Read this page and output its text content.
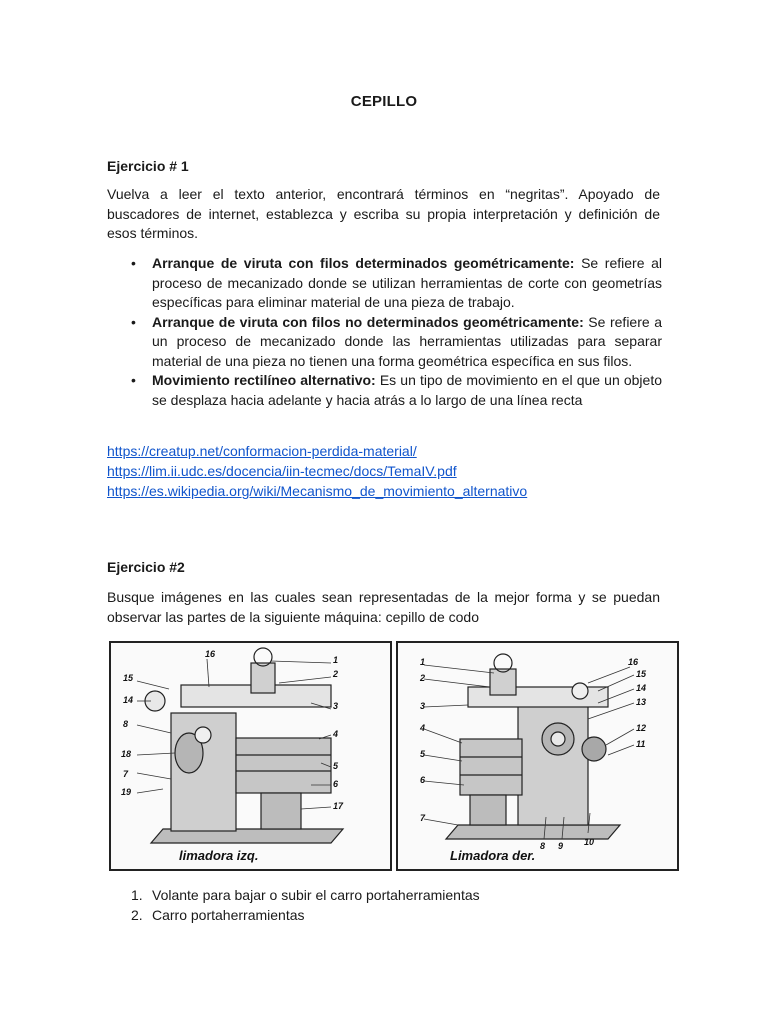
CEPILLO
Ejercicio # 1
Vuelva a leer el texto anterior, encontrará términos en “negritas”. Apoyado de buscadores de internet, establezca y escriba su propia interpretación y definición de esos términos.
• Arranque de viruta con filos determinados geométricamente: Se refiere al proceso de mecanizado donde se utilizan herramientas de corte con geometrías específicas para eliminar material de una pieza de trabajo.
• Arranque de viruta con filos no determinados geométricamente: Se refiere a un proceso de mecanizado donde las herramientas utilizadas para separar material de una pieza no tienen una forma geométrica específica en sus filos.
• Movimiento rectilíneo alternativo: Es un tipo de movimiento en el que un objeto se desplaza hacia adelante y hacia atrás a lo largo de una línea recta
https://creatup.net/conformacion-perdida-material/
https://lim.ii.udc.es/docencia/iin-tecmec/docs/TemaIV.pdf
https://es.wikipedia.org/wiki/Mecanismo_de_movimiento_alternativo
Ejercicio #2
Busque imágenes en las cuales sean representadas de la mejor forma y se puedan observar las partes de la siguiente máquina: cepillo de codo
16
1
2
15
14
3
8
4
18
5
7
6
19
17
limadora izq.
1	16
2	15
14
3	13
4	12
11
5
6
7
8 9 10
Limadora der.
1. Volante para bajar o subir el carro portaherramientas
2. Carro portaherramientas
